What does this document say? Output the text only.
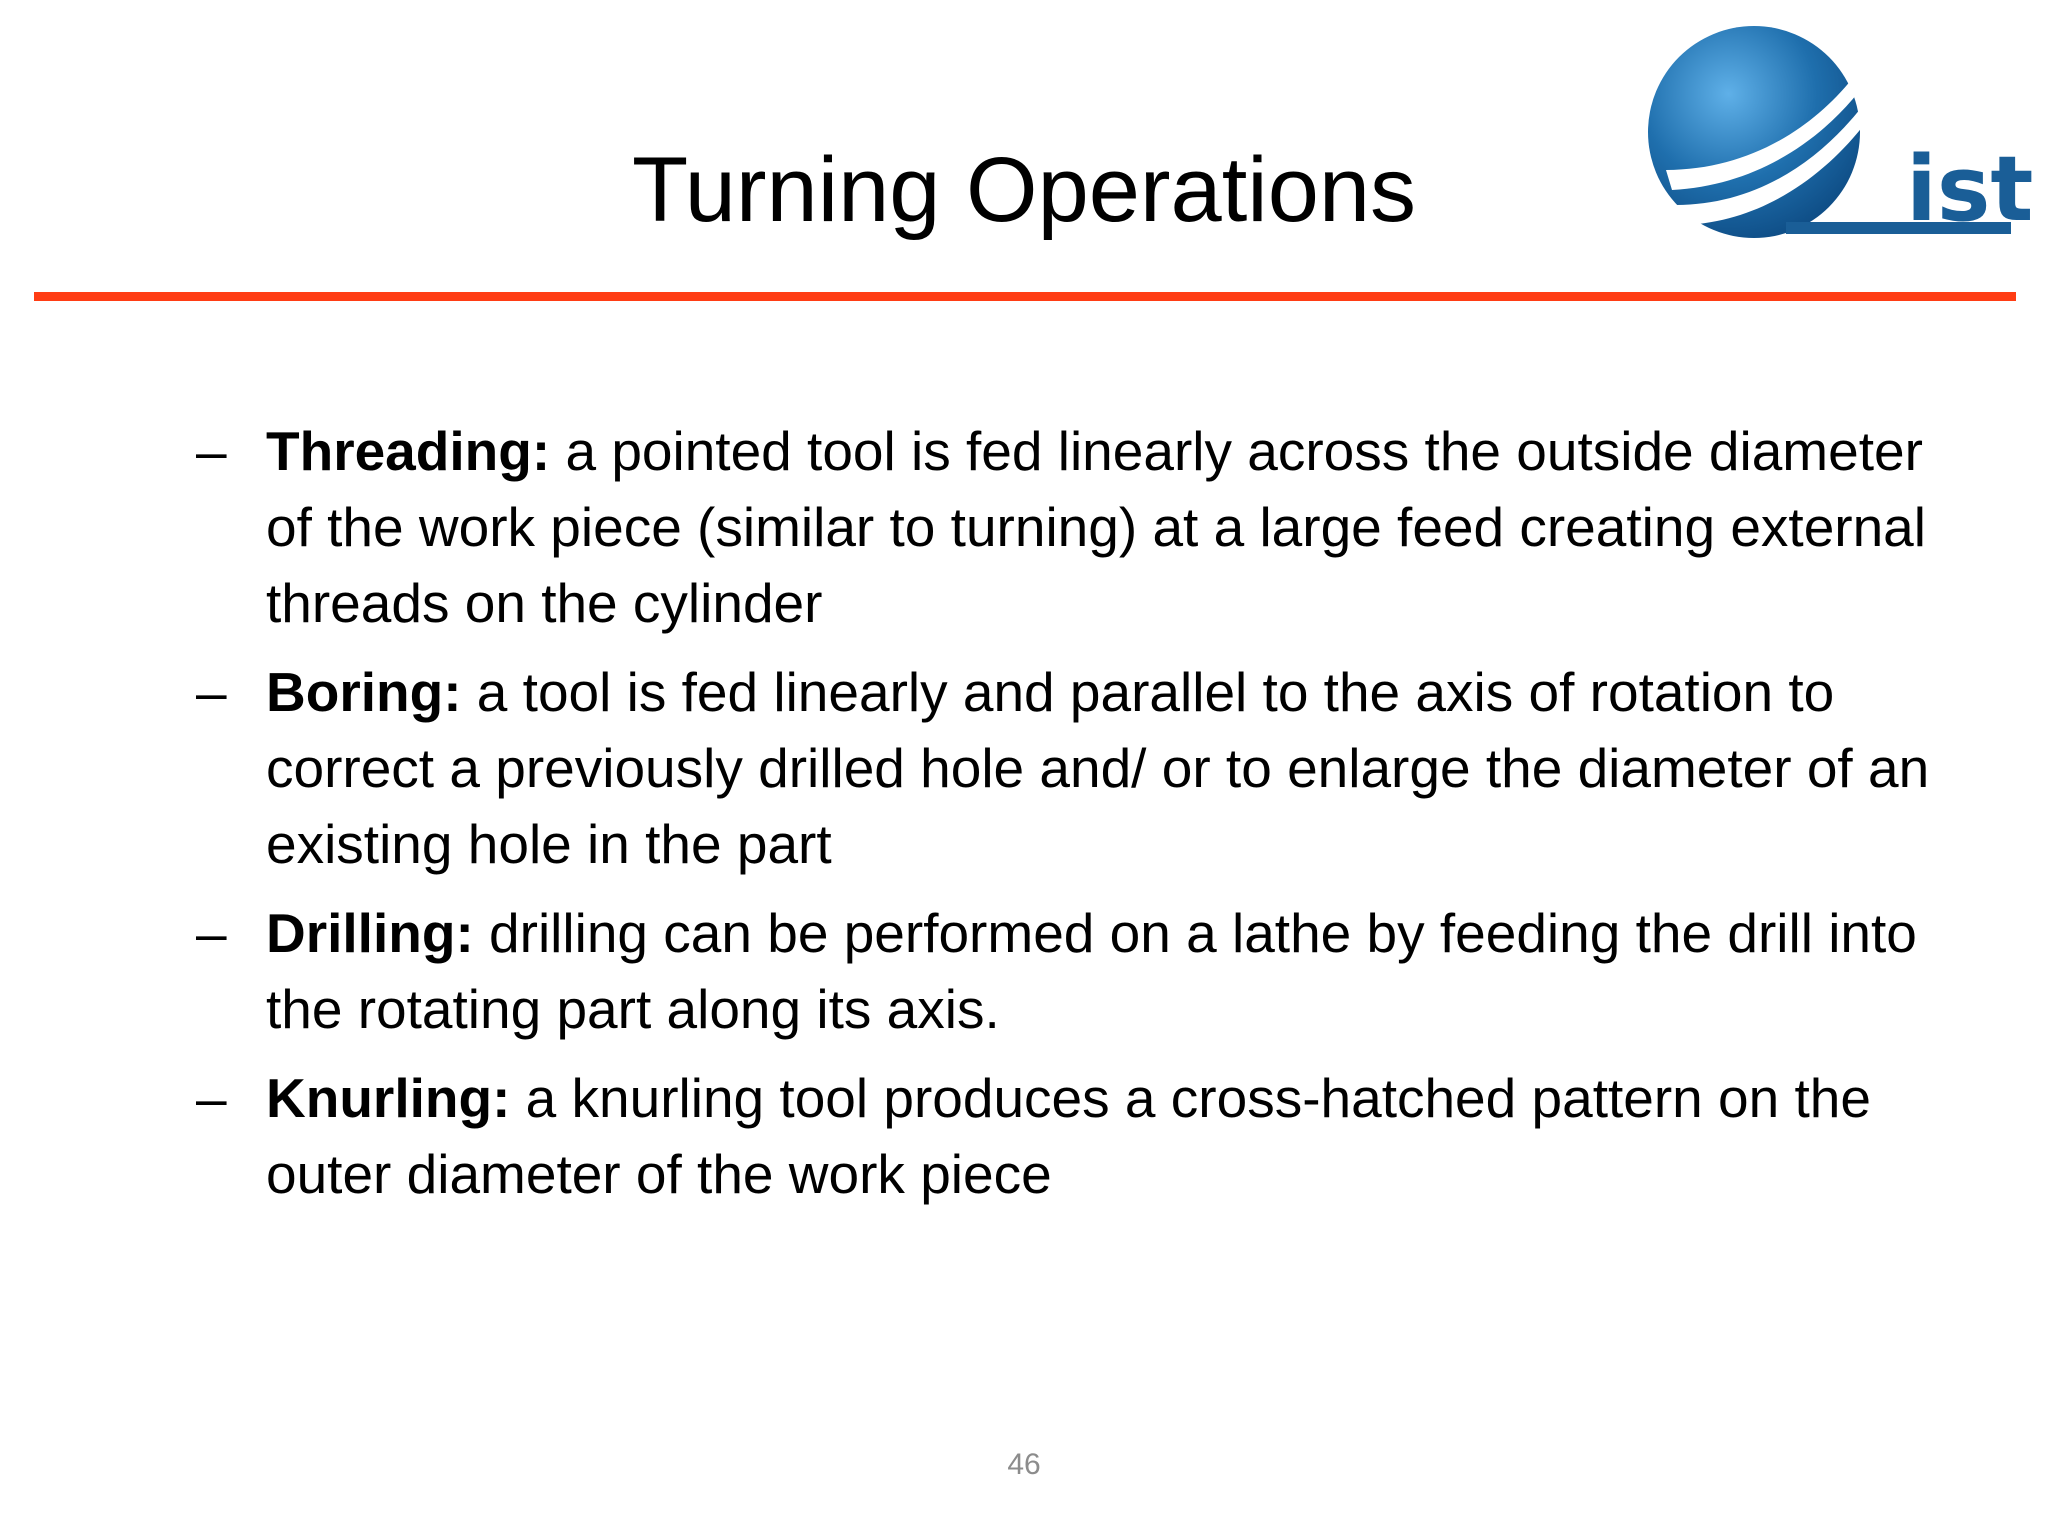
Turning Operations	ist
– Threading: a pointed tool is fed linearly across the outside diameter of the work piece (similar to turning) at a large feed creating external threads on the cylinder
– Boring: a tool is fed linearly and parallel to the axis of rotation to correct a previously drilled hole and/ or to enlarge the diameter of an existing hole in the part
– Drilling: drilling can be performed on a lathe by feeding the drill into the rotating part along its axis.
– Knurling: a knurling tool produces a cross-hatched pattern on the outer diameter of the work piece
46
